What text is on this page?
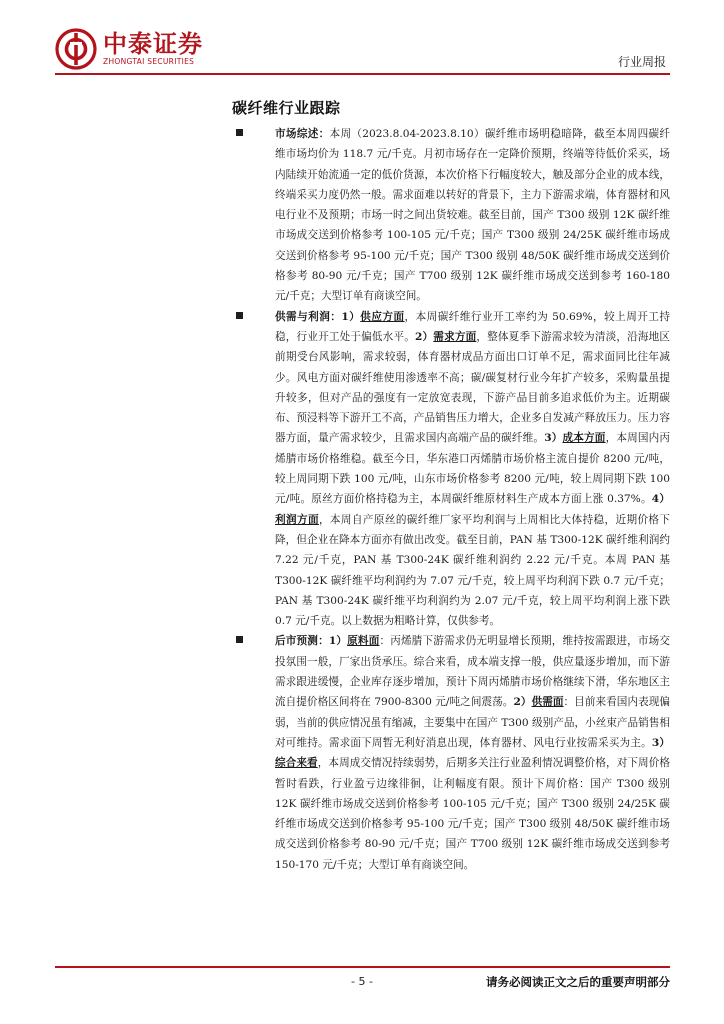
中泰证券
ZHONGTAI SECURITIES	行业周报
碳纤维行业跟踪

市场综述：本周（2023.8.04-2023.8.10）碳纤维市场明稳暗降，截至本周四碳纤维市场均价为 118.7 元/千克。月初市场存在一定降价预期，终端等待低价采买，场内陆续开始流通一定的低价货源，本次价格下行幅度较大，触及部分企业的成本线，终端采买力度仍然一般。需求面难以转好的背景下，主力下游需求端，体育器材和风电行业不及预期；市场一时之间出货较难。截至目前，国产 T300 级别 12K 碳纤维市场成交送到价格参考 100-105 元/千克；国产 T300 级别 24/25K 碳纤维市场成交送到价格参考 95-100 元/千克；国产 T300 级别 48/50K 碳纤维市场成交送到价格参考 80-90 元/千克；国产 T700 级别 12K 碳纤维市场成交送到参考 160-180 元/千克；大型订单有商谈空间。

供需与利润：1）供应方面，本周碳纤维行业开工率约为 50.69%，较上周开工持稳，行业开工处于偏低水平。2）需求方面，整体夏季下游需求较为清淡，沿海地区前期受台风影响，需求较弱，体育器材成品方面出口订单不足，需求面同比往年减少。风电方面对碳纤维使用渗透率不高；碳/碳复材行业今年扩产较多，采购量虽提升较多，但对产品的强度有一定放宽表现，下游产品目前多追求低价为主。近期碳布、预浸料等下游开工不高，产品销售压力增大，企业多自发减产释放压力。压力容器方面，量产需求较少，且需求国内高端产品的碳纤维。3）成本方面，本周国内丙烯腈市场价格维稳。截至今日，华东港口丙烯腈市场价格主流自提价 8200 元/吨，较上周同期下跌 100 元/吨，山东市场价格参考 8200 元/吨，较上周同期下跌 100 元/吨。原丝方面价格持稳为主，本周碳纤维原材料生产成本方面上涨 0.37%。4）利润方面，本周自产原丝的碳纤维厂家平均利润与上周相比大体持稳，近期价格下降，但企业在降本方面亦有做出改变。截至目前，PAN 基 T300-12K 碳纤维利润约 7.22 元/千克，PAN 基 T300-24K 碳纤维利润约 2.22 元/千克。本周 PAN 基 T300-12K 碳纤维平均利润约为 7.07 元/千克，较上周平均利润下跌 0.7 元/千克；PAN 基 T300-24K 碳纤维平均利润约为 2.07 元/千克，较上周平均利润上涨下跌 0.7 元/千克。以上数据为粗略计算，仅供参考。

后市预测：1）原料面：丙烯腈下游需求仍无明显增长预期，维持按需跟进，市场交投氛围一般，厂家出货承压。综合来看，成本端支撑一般，供应量逐步增加，而下游需求跟进缓慢，企业库存逐步增加，预计下周丙烯腈市场价格继续下滑，华东地区主流自提价格区间将在 7900-8300 元/吨之间震荡。2）供需面：目前来看国内表现偏弱，当前的供应情况虽有缩减，主要集中在国产 T300 级别产品，小丝束产品销售相对可维持。需求面下周暂无利好消息出现，体育器材、风电行业按需采买为主。3）综合来看，本周成交情况持续弱势，后期多关注行业盈利情况调整价格，对下周价格暂时看跌，行业盈亏边缘徘徊，让利幅度有限。预计下周价格：国产 T300 级别 12K 碳纤维市场成交送到价格参考 100-105 元/千克；国产 T300 级别 24/25K 碳纤维市场成交送到价格参考 95-100 元/千克；国产 T300 级别 48/50K 碳纤维市场成交送到价格参考 80-90 元/千克；国产 T700 级别 12K 碳纤维市场成交送到参考 150-170 元/千克；大型订单有商谈空间。

- 5 -	请务必阅读正文之后的重要声明部分
